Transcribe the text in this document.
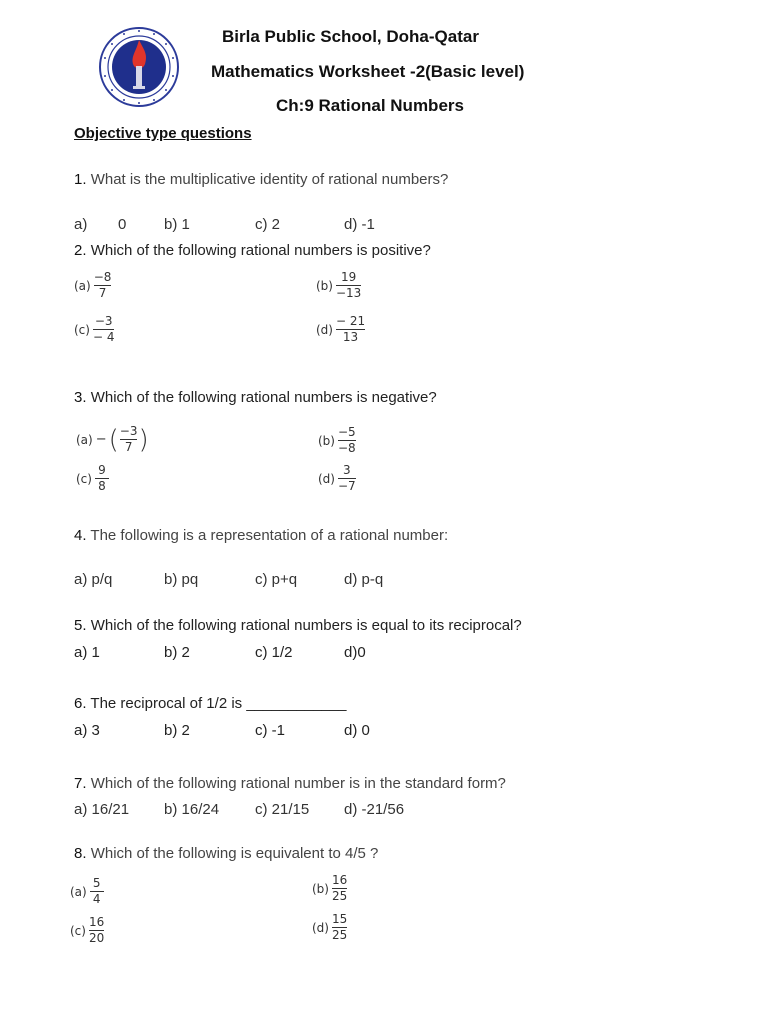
Birla Public School, Doha-Qatar
Mathematics Worksheet -2(Basic level)
Ch:9 Rational Numbers
Objective type questions
1. What is the multiplicative identity of rational numbers?
a) 0	b) 1	c) 2	d) -1
2. Which of the following rational numbers is positive?
$(a) \frac{-8}{7}$	$(b) \frac{19}{-13}$
$(c) \frac{-3}{- 4}$	$(d) \frac{- 21}{13}$
3. Which of the following rational numbers is negative?
(a) − ( $\frac{-3}{7}$ )	$(b) \frac{-5}{-8}$
$(c) \frac{9}{8}$	$(d) \frac{3}{-7}$
4. The following is a representation of a rational number:
a) p/q	b) pq	c) p+q	d) p-q
5. Which of the following rational numbers is equal to its reciprocal?
a) 1	b) 2	c) 1/2	d)0
6. The reciprocal of 1/2 is ____________
a) 3	b) 2	c) -1	d) 0
7. Which of the following rational number is in the standard form?
a) 16/21 b) 16/24 c) 21/15 d) -21/56
8. Which of the following is equivalent to 4/5 ?
$(a) \frac{5}{4}$	$(b) \frac{16}{25}$
$(c) \frac{16}{20}$	$(d) \frac{15}{25}$
